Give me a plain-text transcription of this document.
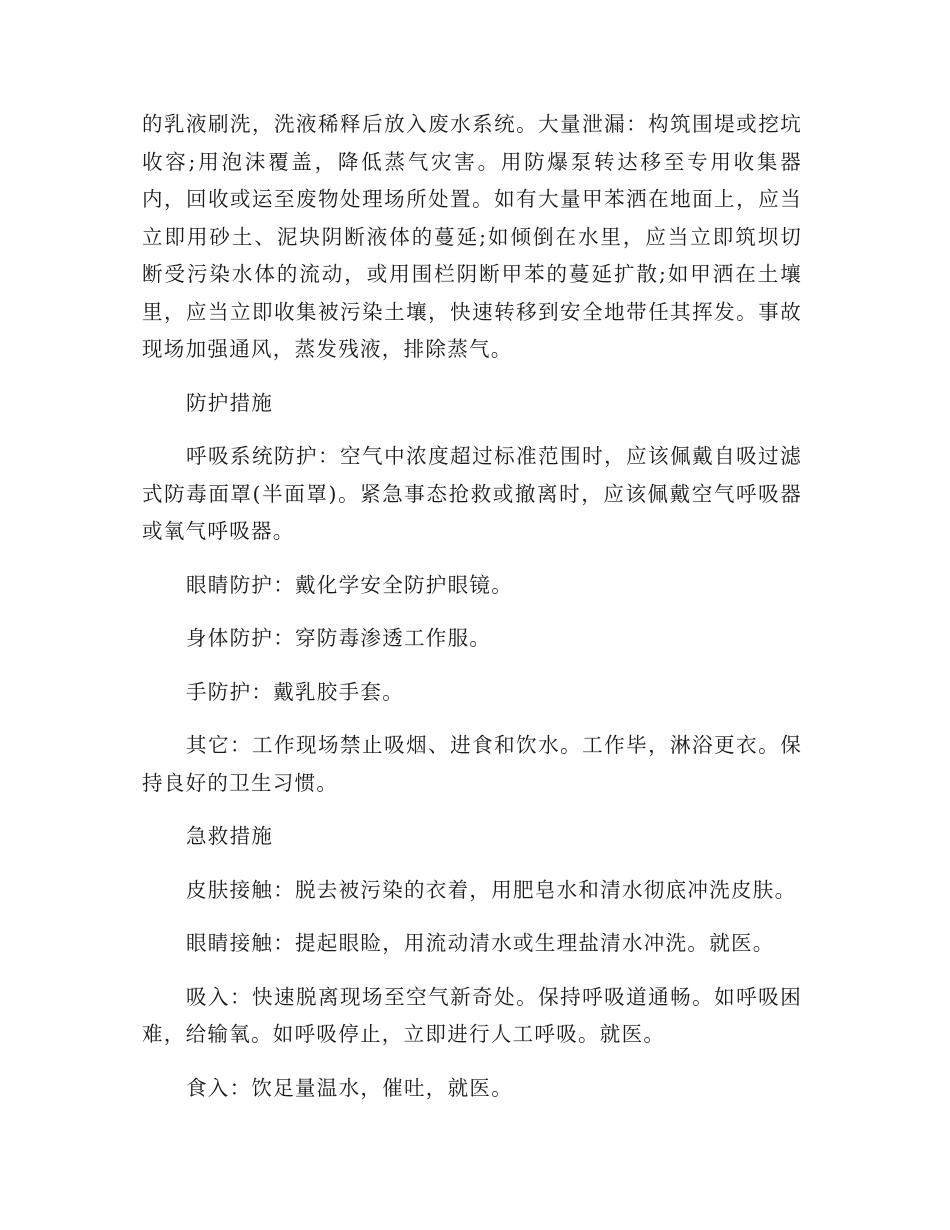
的乳液刷洗，洗液稀释后放入废水系统。大量泄漏：构筑围堤或挖坑收容;用泡沫覆盖，降低蒸气灾害。用防爆泵转达移至专用收集器内，回收或运至废物处理场所处置。如有大量甲苯洒在地面上，应当立即用砂土、泥块阴断液体的蔓延;如倾倒在水里，应当立即筑坝切断受污染水体的流动，或用围栏阴断甲苯的蔓延扩散;如甲洒在土壤里，应当立即收集被污染土壤，快速转移到安全地带任其挥发。事故现场加强通风，蒸发残液，排除蒸气。

防护措施

呼吸系统防护：空气中浓度超过标准范围时，应该佩戴自吸过滤式防毒面罩(半面罩)。紧急事态抢救或撤离时，应该佩戴空气呼吸器或氧气呼吸器。

眼睛防护：戴化学安全防护眼镜。

身体防护：穿防毒渗透工作服。

手防护：戴乳胶手套。

其它：工作现场禁止吸烟、进食和饮水。工作毕，淋浴更衣。保持良好的卫生习惯。

急救措施

皮肤接触：脱去被污染的衣着，用肥皂水和清水彻底冲洗皮肤。

眼睛接触：提起眼睑，用流动清水或生理盐清水冲洗。就医。

吸入：快速脱离现场至空气新奇处。保持呼吸道通畅。如呼吸困难，给输氧。如呼吸停止，立即进行人工呼吸。就医。

食入：饮足量温水，催吐，就医。
